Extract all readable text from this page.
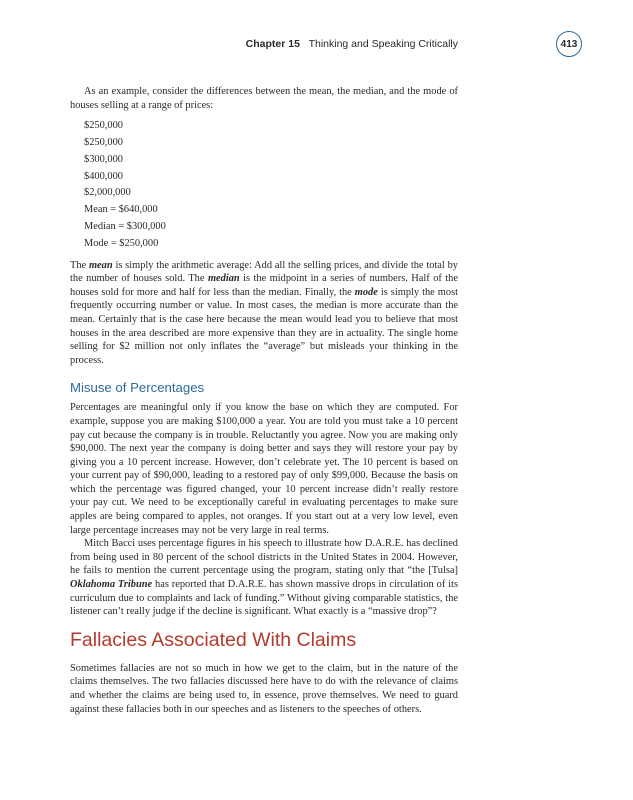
Chapter 15 Thinking and Speaking Critically	413

As an example, consider the differences between the mean, the median, and the mode of houses selling at a range of prices:

$250,000
$250,000
$300,000
$400,000
$2,000,000
Mean = $640,000
Median = $300,000
Mode = $250,000

The mean is simply the arithmetic average: Add all the selling prices, and divide the total by the number of houses sold. The median is the midpoint in a series of numbers. Half of the houses sold for more and half for less than the median. Finally, the mode is simply the most frequently occurring number or value. In most cases, the median is more accurate than the mean. Certainly that is the case here because the mean would lead you to believe that most houses in the area described are more expensive than they are in actuality. The single home selling for $2 million not only inflates the “average” but misleads your thinking in the process.

Misuse of Percentages

Percentages are meaningful only if you know the base on which they are computed. For example, suppose you are making $100,000 a year. You are told you must take a 10 percent pay cut because the company is in trouble. Reluctantly you agree. Now you are making only $90,000. The next year the company is doing better and says they will restore your pay by giving you a 10 percent increase. However, don’t celebrate yet. The 10 percent is based on your current pay of $90,000, leading to a restored pay of only $99,000. Because the basis on which the percentage was figured changed, your 10 percent increase didn’t really restore your pay cut. We need to be exceptionally careful in evaluating percentages to make sure apples are being compared to apples, not oranges. If you start out at a very low level, even large percentage increases may not be very large in real terms.

Mitch Bacci uses percentage figures in his speech to illustrate how D.A.R.E. has declined from being used in 80 percent of the school districts in the United States in 2004. However, he fails to mention the current percentage using the program, stating only that “the [Tulsa] Oklahoma Tribune has reported that D.A.R.E. has shown massive drops in circulation of its curriculum due to complaints and lack of funding.” Without giving comparable statistics, the listener can’t really judge if the decline is significant. What exactly is a “massive drop”?

Fallacies Associated With Claims

Sometimes fallacies are not so much in how we get to the claim, but in the nature of the claims themselves. The two fallacies discussed here have to do with the relevance of claims and whether the claims are being used to, in essence, prove themselves. We need to guard against these fallacies both in our speeches and as listeners to the speeches of others.
